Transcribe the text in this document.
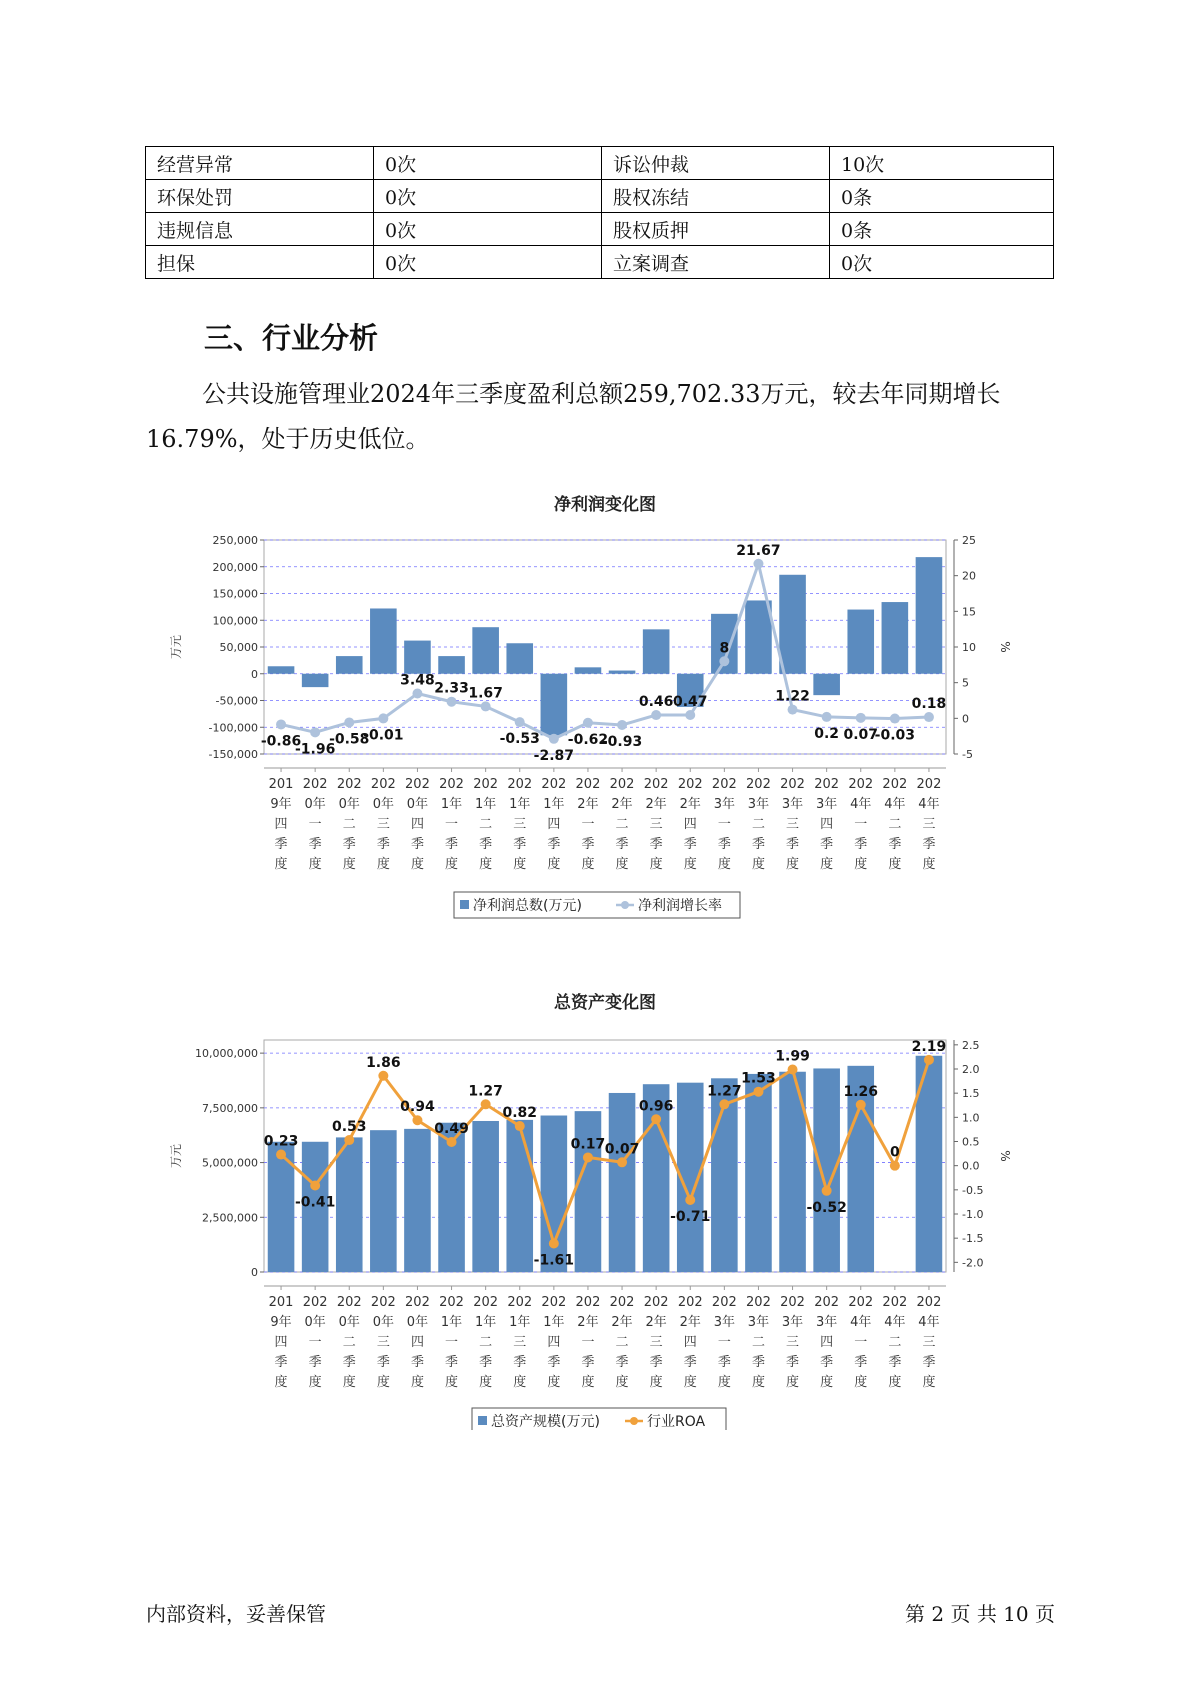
经营异常	0次	诉讼仲裁	10次
环保处罚	0次	股权冻结	0条
违规信息	0次	股权质押	0条
担保	0次	立案调查	0次
三、行业分析
公共设施管理业2024年三季度盈利总额259,702.33万元，较去年同期增长16.79%，处于历史低位。
净利润变化图
-150,000
-100,000
-50,000
0
50,000
100,000
150,000
200,000
250,000
-5
0
5
10
15
20
25
万元	%
-0.86
-1.96
-0.58
-0.01
3.48
2.33 1.67
-0.53
-2.87
-0.62
-0.93
0.46 0.47
8
21.67
1.22
0.2 0.07
-0.03
0.18
201 9年四季度
202 0年一季度
202 0年二季度
202 0年三季度
202 0年四季度
202 1年一季度
202 1年二季度
202 1年三季度
202 1年四季度
202 2年一季度
202 2年二季度
202 2年三季度
202 2年四季度
202 3年一季度
202 3年二季度
202 3年三季度
202 3年四季度
202 4年一季度
202 4年二季度
202 4年三季度
净利润总数(万元)	净利润增长率
总资产变化图
0
2,500,000
5,000,000
7,500,000
10,000,000
-2.0
-1.5
-1.0
-0.5
0.0
0.5
1.0
1.5
2.0
2.5
万元	%
0.23
-0.41
0.53
1.86
0.94
0.49
1.27
0.82
-1.61
0.17 0.07
0.96
-0.71
1.27
1.53
1.99
-0.52
1.26
0
2.19
201 9年四季度
202 0年一季度
202 0年二季度
202 0年三季度
202 0年四季度
202 1年一季度
202 1年二季度
202 1年三季度
202 1年四季度
202 2年一季度
202 2年二季度
202 2年三季度
202 2年四季度
202 3年一季度
202 3年二季度
202 3年三季度
202 3年四季度
202 4年一季度
202 4年二季度
202 4年三季度
总资产规模(万元)	行业ROA
内部资料，妥善保管	第 2 页 共 10 页
